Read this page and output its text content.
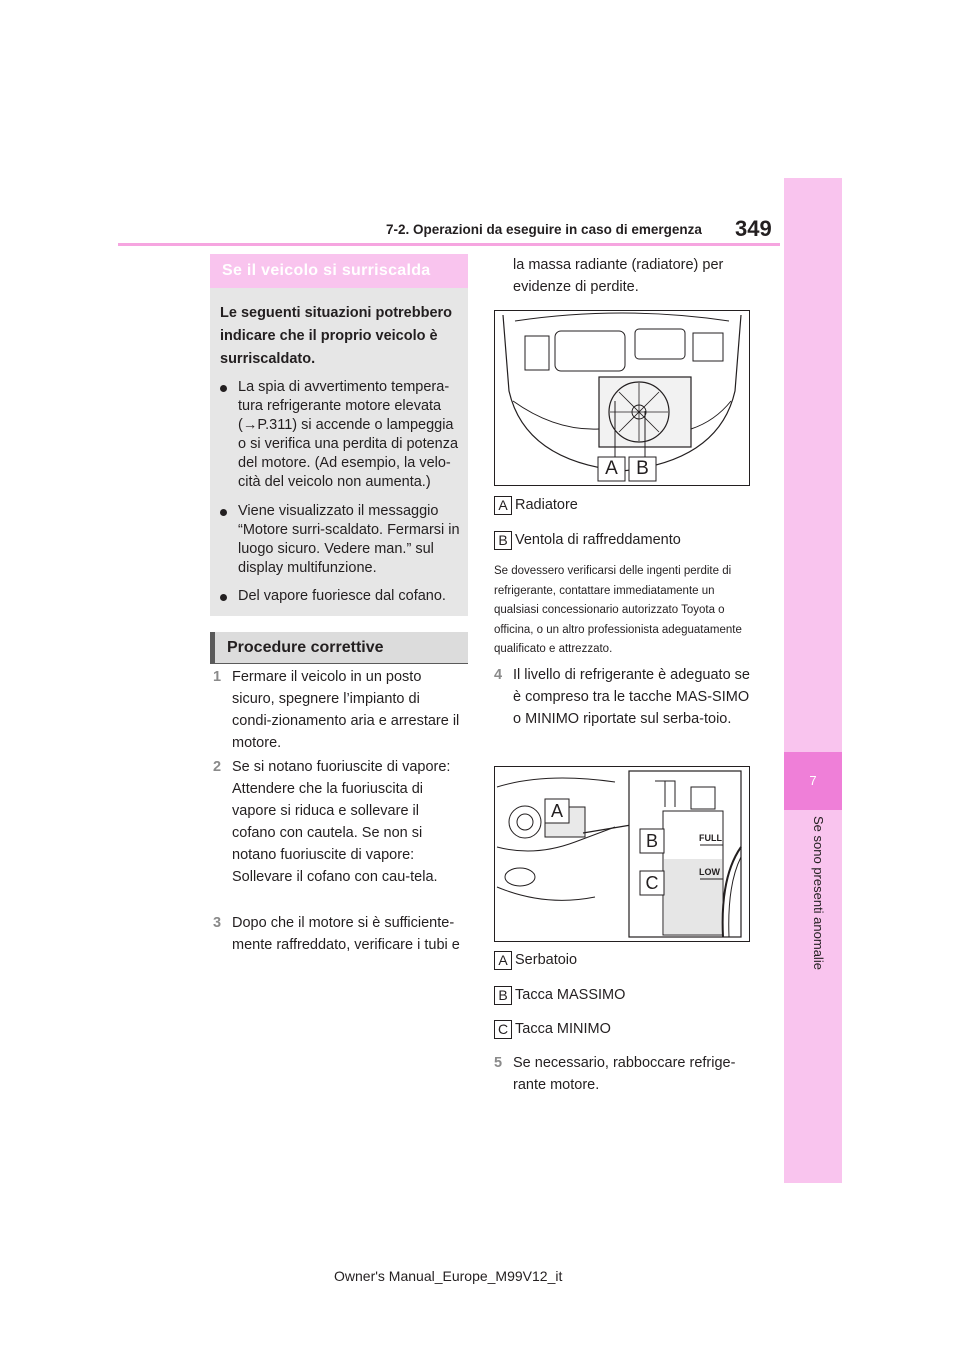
7-2. Operazioni da eseguire in caso di emergenza 349
7
Se sono presenti anomalie
Se il veicolo si surriscalda
Le seguenti situazioni potrebbero indicare che il proprio veicolo è surriscaldato.
La spia di avvertimento tempera-tura refrigerante motore elevata (→P.311) si accende o lampeggia o si verifica una perdita di potenza del motore. (Ad esempio, la velo-cità del veicolo non aumenta.)
Viene visualizzato il messaggio “Motore surri-scaldato. Fermarsi in luogo sicuro. Vedere man.” sul display multifunzione.
Del vapore fuoriesce dal cofano.
Procedure correttive
1 Fermare il veicolo in un posto sicuro, spegnere l’impianto di condi-zionamento aria e arrestare il motore.
2 Se si notano fuoriuscite di vapore: Attendere che la fuoriuscita di vapore si riduca e sollevare il cofano con cautela. Se non si notano fuoriuscite di vapore: Sollevare il cofano con cau-tela.
3 Dopo che il motore si è sufficiente-mente raffreddato, verificare i tubi e
la massa radiante (radiatore) per evidenze di perdite.
A B
A Radiatore
B Ventola di raffreddamento
Se dovessero verificarsi delle ingenti perdite di refrigerante, contattare immediatamente un qualsiasi concessionario autorizzato Toyota o officina, o un altro professionista adeguatamente qualificato e attrezzato.
4 Il livello di refrigerante è adeguato se è compreso tra le tacche MAS-SIMO o MINIMO riportate sul serba-toio.
A
B
C
FULL
LOW
A Serbatoio
B Tacca MASSIMO
C Tacca MINIMO
5 Se necessario, rabboccare refrige-rante motore.
Owner's Manual_Europe_M99V12_it
